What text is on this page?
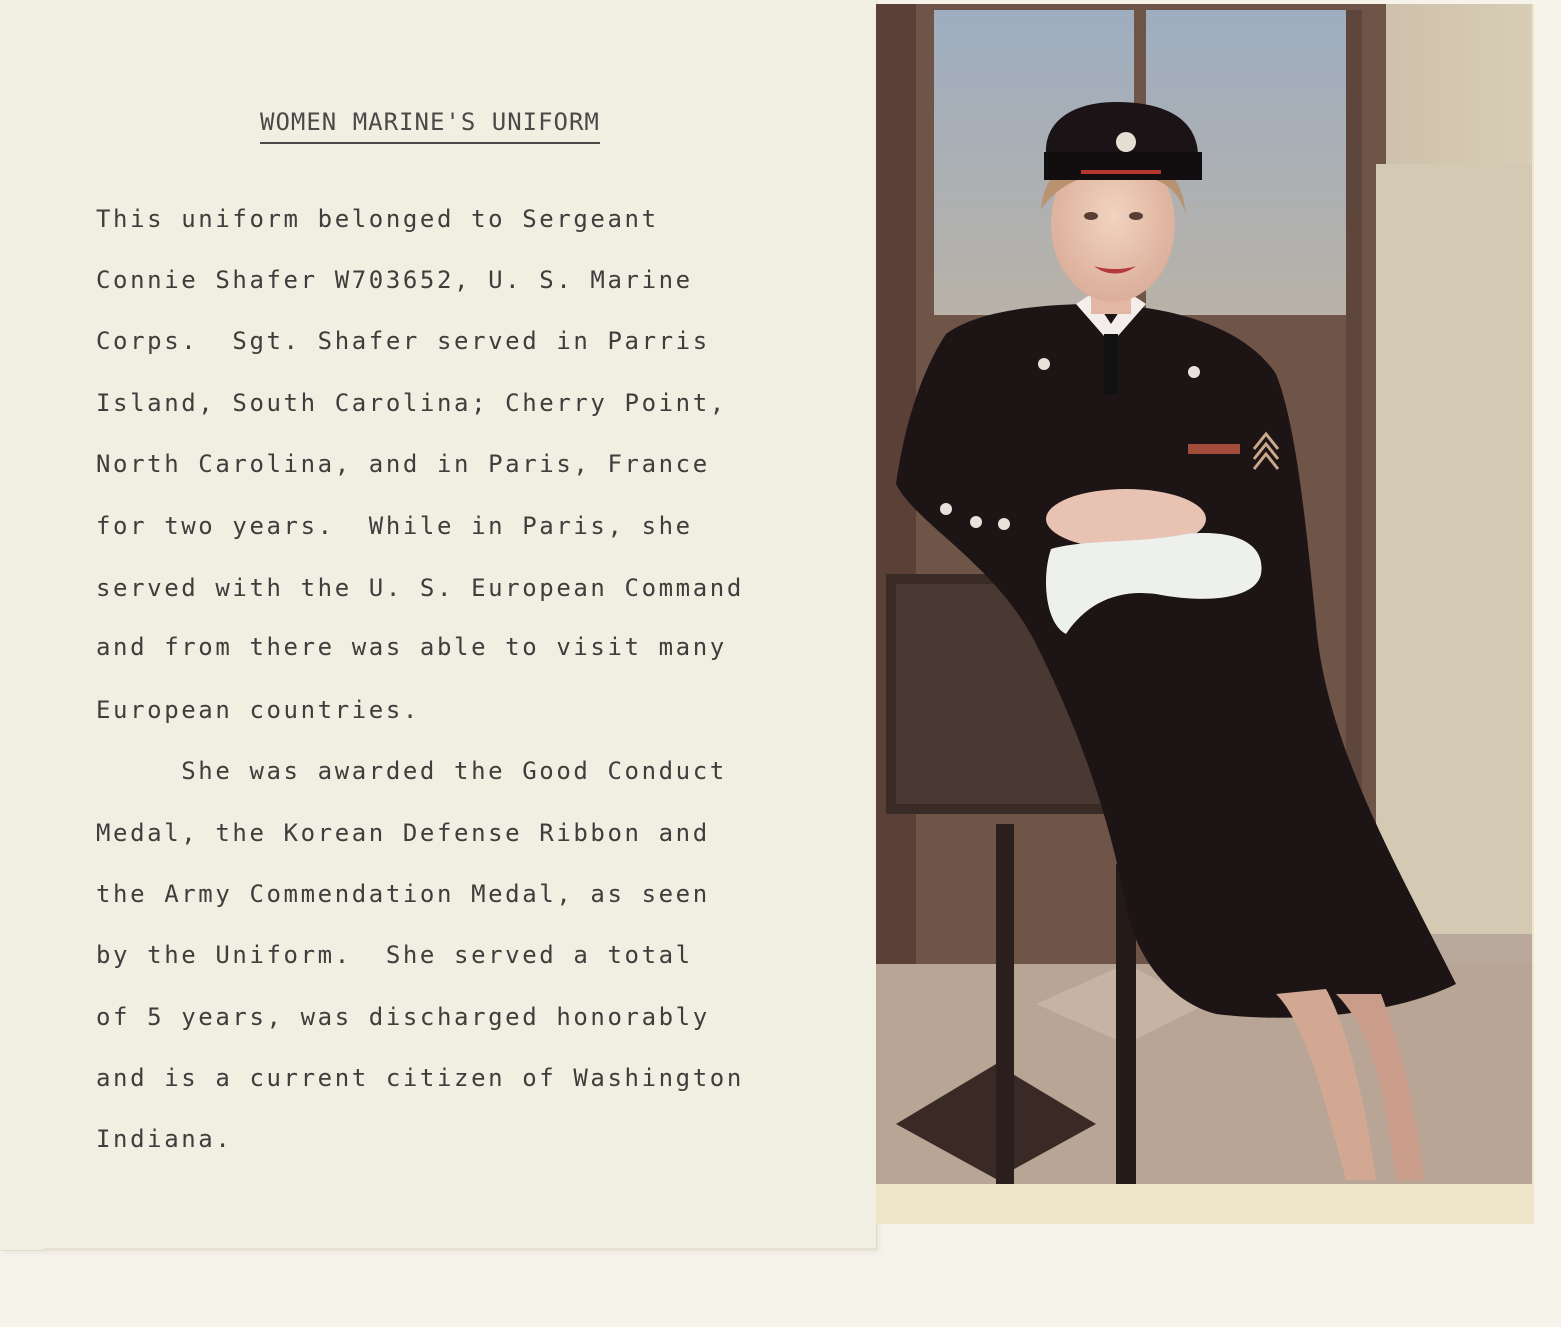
WOMEN MARINE'S UNIFORM

This uniform belonged to Sergeant

Connie Shafer W703652, U. S. Marine

Corps.  Sgt. Shafer served in Parris

Island, South Carolina; Cherry Point,

North Carolina, and in Paris, France

for two years.  While in Paris, she

served with the U. S. European Command

and from there was able to visit many

European countries.

She was awarded the Good Conduct

Medal, the Korean Defense Ribbon and

the Army Commendation Medal, as seen

by the Uniform.  She served a total

of 5 years, was discharged honorably

and is a current citizen of Washington

Indiana.
